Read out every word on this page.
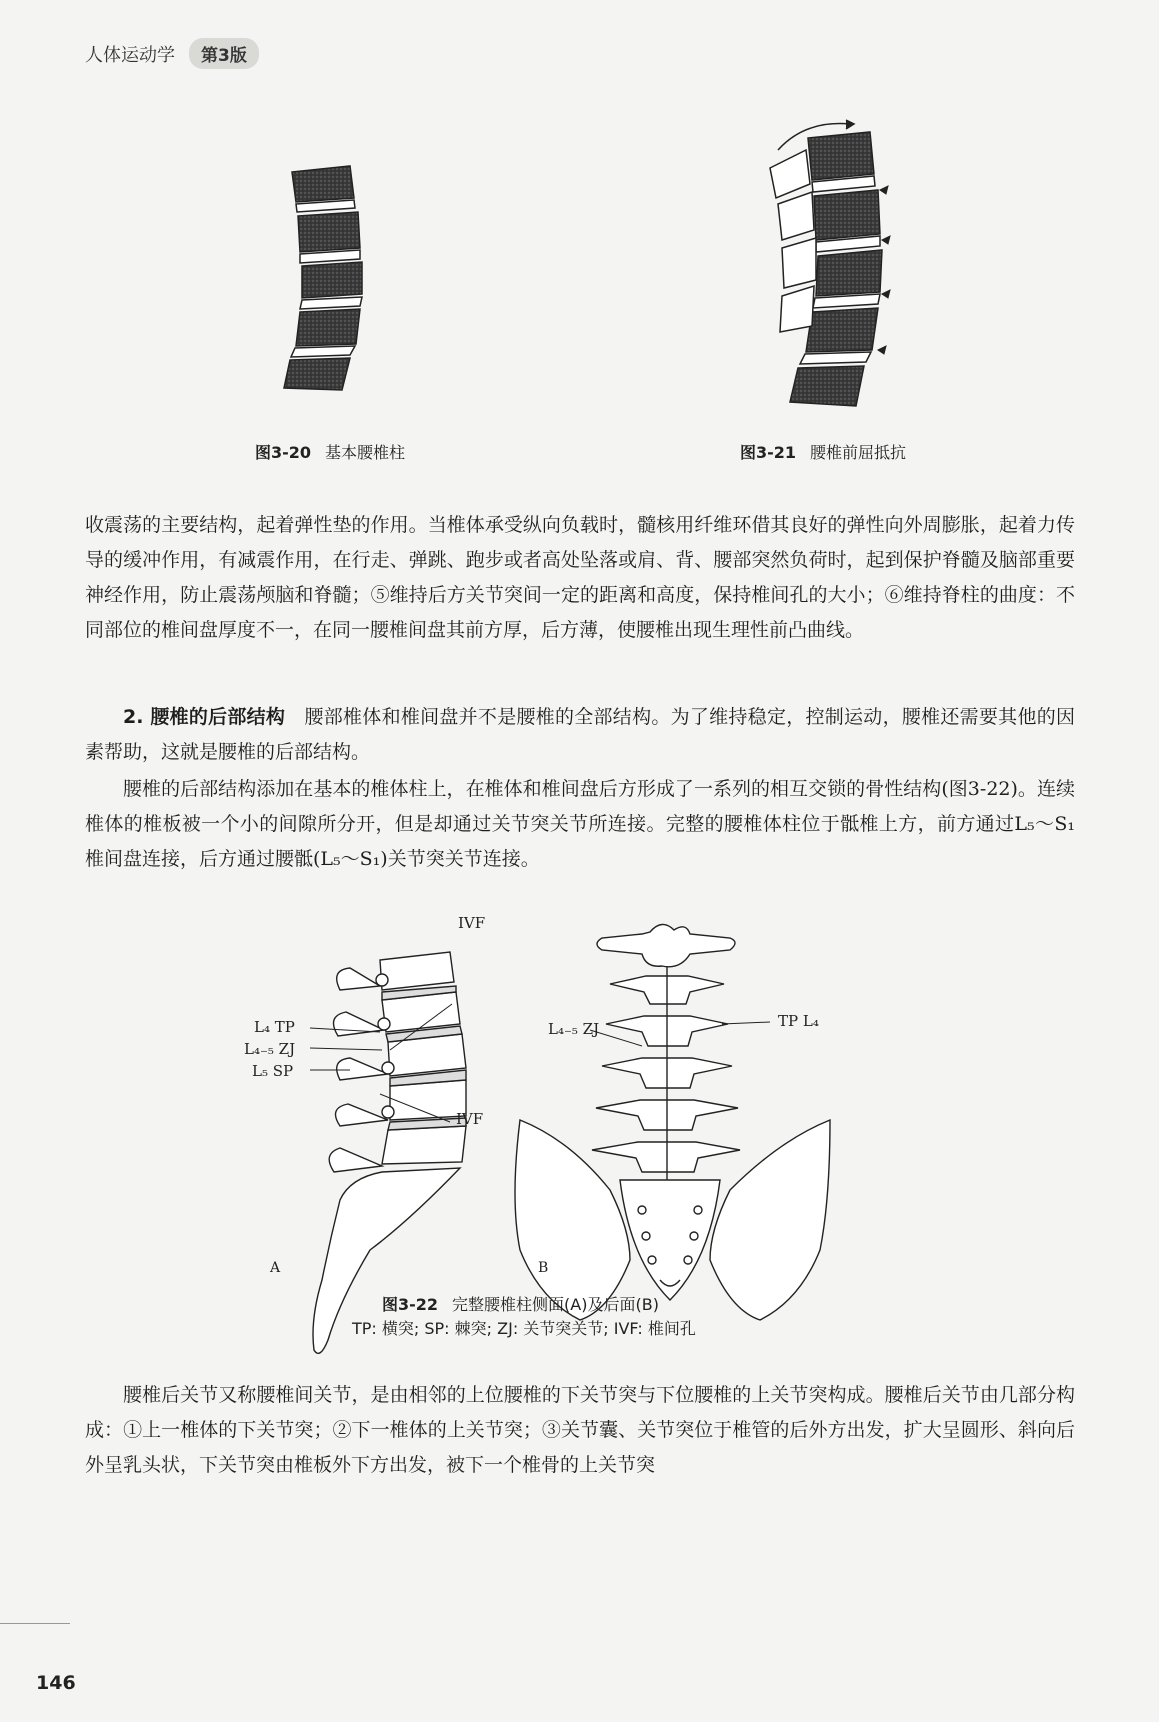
人体运动学	第3版
图3-20 基本腰椎柱	图3-21 腰椎前屈抵抗
收震荡的主要结构，起着弹性垫的作用。当椎体承受纵向负载时，髓核用纤维环借其良好的弹性向外周膨胀，起着力传导的缓冲作用，有减震作用，在行走、弹跳、跑步或者高处坠落或肩、背、腰部突然负荷时，起到保护脊髓及脑部重要神经作用，防止震荡颅脑和脊髓；⑤维持后方关节突间一定的距离和高度，保持椎间孔的大小；⑥维持脊柱的曲度：不同部位的椎间盘厚度不一，在同一腰椎间盘其前方厚，后方薄，使腰椎出现生理性前凸曲线。
2. 腰椎的后部结构　 腰部椎体和椎间盘并不是腰椎的全部结构。为了维持稳定，控制运动，腰椎还需要其他的因素帮助，这就是腰椎的后部结构。
腰椎的后部结构添加在基本的椎体柱上，在椎体和椎间盘后方形成了一系列的相互交锁的骨性结构(图3-22)。连续椎体的椎板被一个小的间隙所分开，但是却通过关节突关节所连接。完整的腰椎体柱位于骶椎上方，前方通过L₅～S₁椎间盘连接，后方通过腰骶(L₅～S₁)关节突关节连接。
IVF
L₄ TP
L₄₋₅ ZJ
L₅ SP
IVF
L₄₋₅ ZJ	TP L₄
A	B
图3-22 完整腰椎柱侧面(A)及后面(B)
TP: 横突; SP: 棘突; ZJ: 关节突关节; IVF: 椎间孔
腰椎后关节又称腰椎间关节，是由相邻的上位腰椎的下关节突与下位腰椎的上关节突构成。腰椎后关节由几部分构成：①上一椎体的下关节突；②下一椎体的上关节突；③关节囊、关节突位于椎管的后外方出发，扩大呈圆形、斜向后外呈乳头状，下关节突由椎板外下方出发，被下一个椎骨的上关节突
146
